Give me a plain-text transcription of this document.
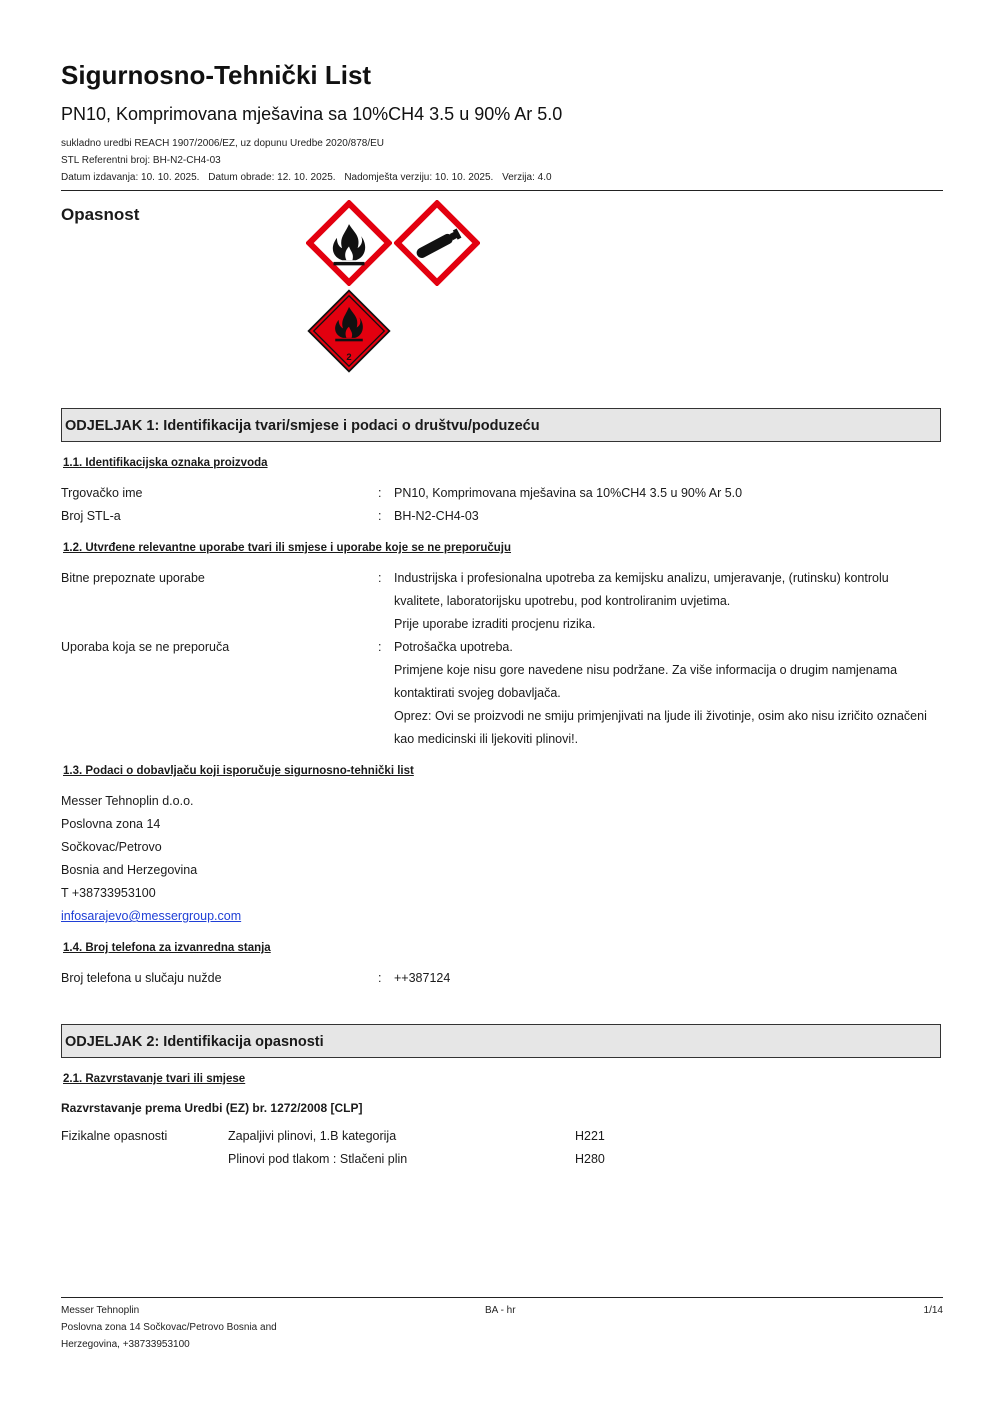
Sigurnosno-Tehnički List
PN10, Komprimovana mješavina sa 10%CH4 3.5 u 90% Ar 5.0
sukladno uredbi REACH 1907/2006/EZ, uz dopunu Uredbe 2020/878/EU
STL Referentni broj: BH-N2-CH4-03
Datum izdavanja: 10. 10. 2025. Datum obrade: 12. 10. 2025. Nadomješta verziju: 10. 10. 2025. Verzija: 4.0
Opasnost
2
ODJELJAK 1: Identifikacija tvari/smjese i podaci o društvu/poduzeću
1.1. Identifikacijska oznaka proizvoda
Trgovačko ime	: PN10, Komprimovana mješavina sa 10%CH4 3.5 u 90% Ar 5.0
Broj STL-a	: BH-N2-CH4-03
1.2. Utvrđene relevantne uporabe tvari ili smjese i uporabe koje se ne preporučuju
Bitne prepoznate uporabe	: Industrijska i profesionalna upotreba za kemijsku analizu, umjeravanje, (rutinsku) kontrolu
kvalitete, laboratorijsku upotrebu, pod kontroliranim uvjetima.
Prije uporabe izraditi procjenu rizika.
Uporaba koja se ne preporuča	: Potrošačka upotreba.
Primjene koje nisu gore navedene nisu podržane. Za više informacija o drugim namjenama
kontaktirati svojeg dobavljača.
Oprez: Ovi se proizvodi ne smiju primjenjivati na ljude ili životinje, osim ako nisu izričito označeni
kao medicinski ili ljekoviti plinovi!.
1.3. Podaci o dobavljaču koji isporučuje sigurnosno-tehnički list
Messer Tehnoplin d.o.o.
Poslovna zona 14
Sočkovac/Petrovo
Bosnia and Herzegovina
T +38733953100
infosarajevo@messergroup.com
1.4. Broj telefona za izvanredna stanja
Broj telefona u slučaju nužde	: ++387124
ODJELJAK 2: Identifikacija opasnosti
2.1. Razvrstavanje tvari ili smjese
Razvrstavanje prema Uredbi (EZ) br. 1272/2008 [CLP]
Fizikalne opasnosti	Zapaljivi plinovi, 1.B kategorija	H221
Plinovi pod tlakom : Stlačeni plin	H280
Messer Tehnoplin
Poslovna zona 14 Sočkovac/Petrovo Bosnia and
Herzegovina, +38733953100
BA - hr	1/14
